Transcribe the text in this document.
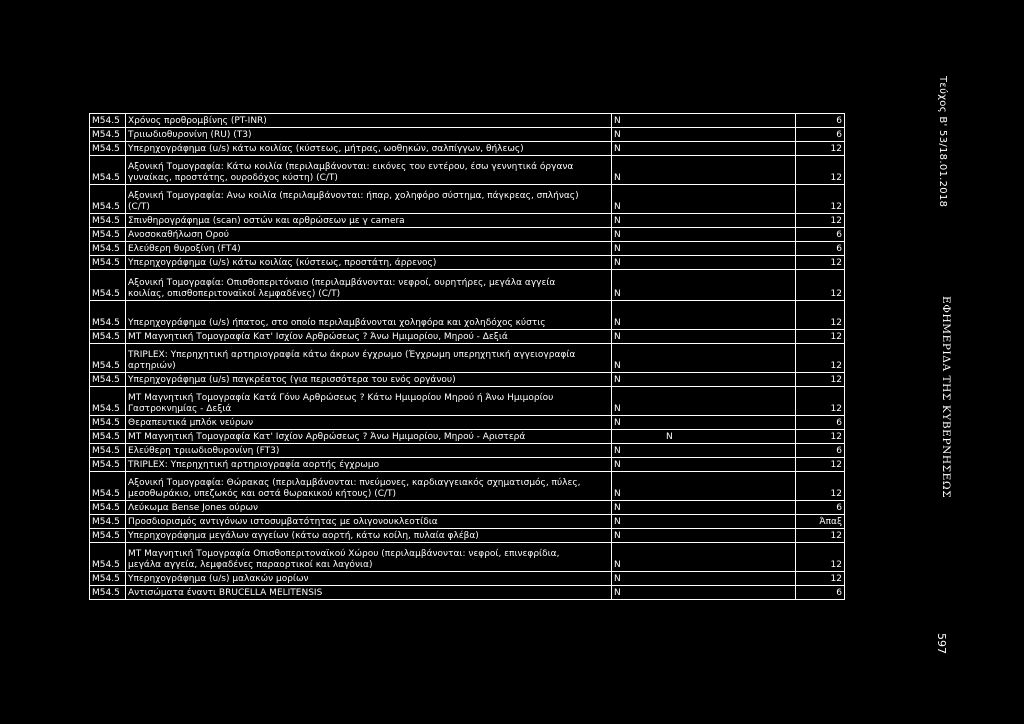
M54.5	Χρόνος προθρομβίνης (PT-INR)	N	6
M54.5	Τριιωδιοθυρονίνη (RU) (T3)	N	6
M54.5	Υπερηχογράφημα (u/s) κάτω κοιλίας (κύστεως, μήτρας, ωοθηκών, σαλπίγγων, θήλεως)	N	12
M54.5	Αξονική Τομογραφία: Κάτω κοιλία (περιλαμβάνονται: εικόνες του εντέρου, έσω γεννητικά όργανα
γυναίκας, προστάτης, ουροδόχος κύστη) (C/T)	N	12
M54.5	Αξονική Τομογραφία: Ανω κοιλία (περιλαμβάνονται: ήπαρ, χοληφόρο σύστημα, πάγκρεας, σπλήνας)
(C/T)	N	12
M54.5	Σπινθηρογράφημα (scan) οστών και αρθρώσεων με γ camera	N	12
M54.5	Ανοσοκαθήλωση Ορού	N	6
M54.5	Ελεύθερη θυροξίνη (FT4)	N	6
M54.5	Υπερηχογράφημα (u/s) κάτω κοιλίας (κύστεως, προστάτη, άρρενος)	N	12
M54.5	Αξονική Τομογραφία: Οπισθοπεριτόναιο (περιλαμβάνονται: νεφροί, ουρητήρες, μεγάλα αγγεία
κοιλίας, οπισθοπεριτοναϊκοί λεμφαδένες) (C/T)	N	12
M54.5	Υπερηχογράφημα (u/s) ήπατος, στο οποίο περιλαμβάνονται χοληφόρα και χοληδόχος κύστις	N	12
M54.5	MT Μαγνητική Τομογραφία Κατ' Ισχίον Αρθρώσεως ? Άνω Ημιμορίου, Μηρού - Δεξιά	N	12
M54.5	TRIPLEX: Υπερηχητική αρτηριογραφία κάτω άκρων έγχρωμο (Έγχρωμη υπερηχητική αγγειογραφία
αρτηριών)	N	12
M54.5	Υπερηχογράφημα (u/s) παγκρέατος (για περισσότερα του ενός οργάνου)	N	12
M54.5	MT Μαγνητική Τομογραφία Κατά Γόνυ Αρθρώσεως ? Κάτω Ημιμορίου Μηρού ή Άνω Ημιμορίου
Γαστροκνημίας - Δεξιά	N	12
M54.5	Θεραπευτικά μπλόκ νεύρων	N	6
M54.5	MT Μαγνητική Τομογραφία Κατ' Ισχίον Αρθρώσεως ? Άνω Ημιμορίου, Μηρού - Αριστερά	N	12
M54.5	Ελεύθερη τριιωδιοθυρονίνη (FT3)	N	6
M54.5	TRIPLEX: Υπερηχητική αρτηριογραφία αορτής έγχρωμο	N	12
M54.5	Αξονική Τομογραφία: Θώρακας (περιλαμβάνονται: πνεύμονες, καρδιαγγειακός σχηματισμός, πύλες,
μεσοθωράκιο, υπεζωκός και οστά θωρακικού κήτους) (C/T)	N	12
M54.5	Λεύκωμα Bense Jones ούρων	N	6
M54.5	Προσδιορισμός αντιγόνων ιστοσυμβατότητας με ολιγονουκλεοτίδια	N	Άπαξ
M54.5	Υπερηχογράφημα μεγάλων αγγείων (κάτω αορτή, κάτω κοίλη, πυλαία φλέβα)	N	12
M54.5	MT Μαγνητική Τομογραφία Οπισθοπεριτοναϊκού Χώρου (περιλαμβάνονται: νεφροί, επινεφρίδια,
μεγάλα αγγεία, λεμφαδένες παραορτικοί και λαγόνια)	N	12
M54.5	Υπερηχογράφημα (u/s) μαλακών μορίων	N	12
M54.5	Αντισώματα έναντι BRUCELLA MELITENSIS	N	6
Τεύχος Β' 53/18.01.2018
ΕΦΗΜΕΡΙΔΑ ΤΗΣ ΚΥΒΕΡΝΗΣΕΩΣ
597
